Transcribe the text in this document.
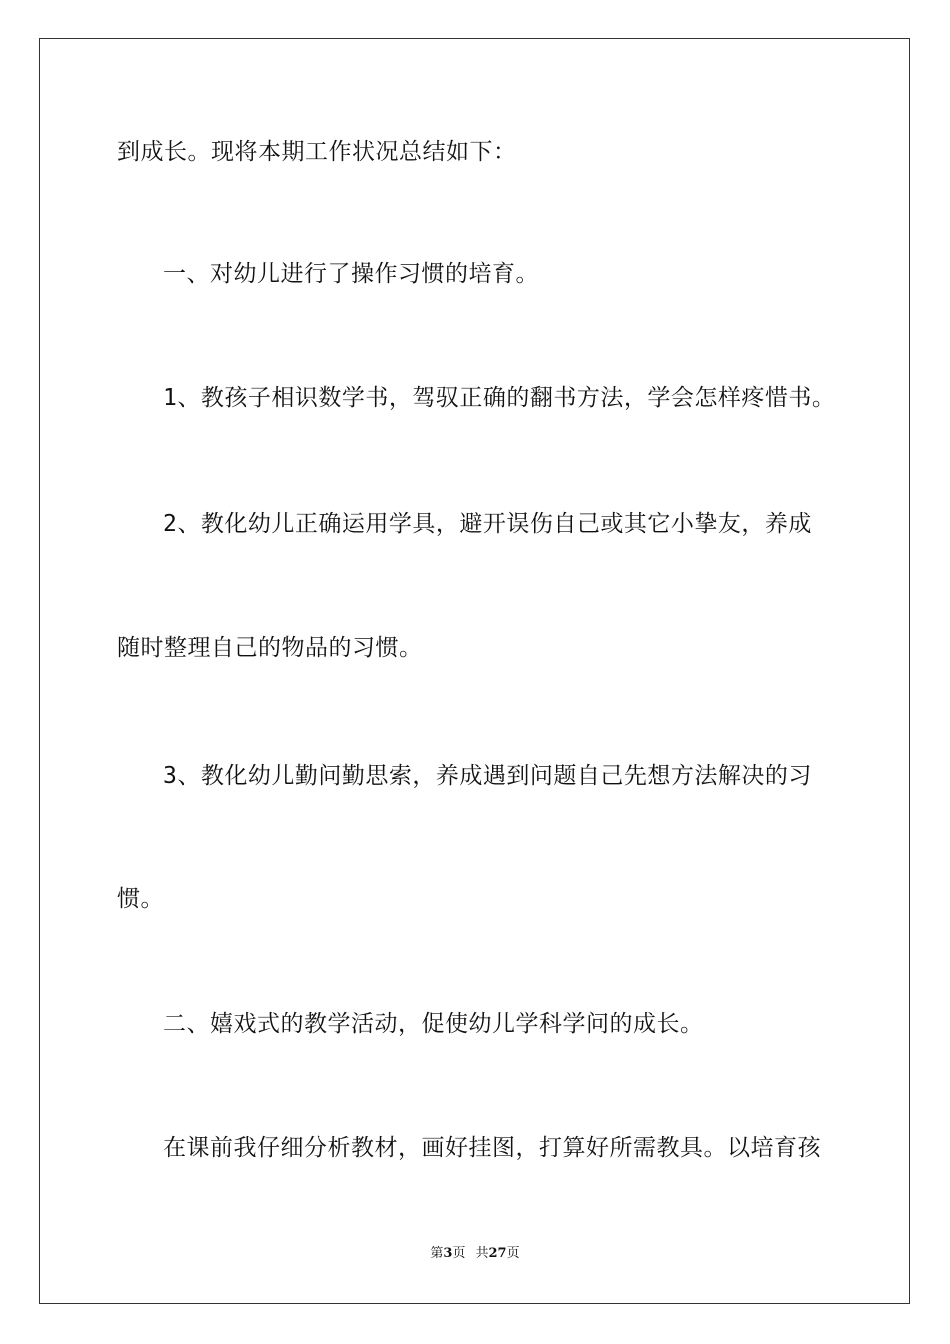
到成长。现将本期工作状况总结如下：
一、对幼儿进行了操作习惯的培育。
1、教孩子相识数学书，驾驭正确的翻书方法，学会怎样疼惜书。
2、教化幼儿正确运用学具，避开误伤自己或其它小挚友，养成
随时整理自己的物品的习惯。
3、教化幼儿勤问勤思索，养成遇到问题自己先想方法解决的习
惯。
二、嬉戏式的教学活动，促使幼儿学科学问的成长。
在课前我仔细分析教材，画好挂图，打算好所需教具。以培育孩
第3页 共27页
